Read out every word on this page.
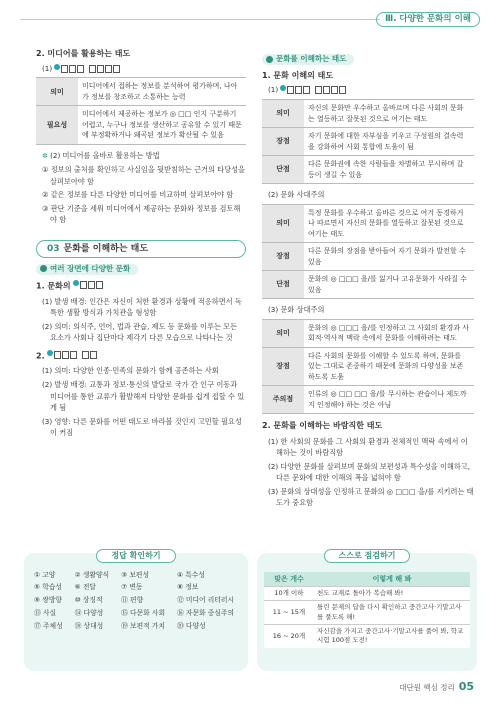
Ⅲ. 다양한 문화의 이해
2. 미디어를 활용하는 태도
(1)
의미	미디어에서 접하는 정보를 분석하여 평가하며, 나아가 정보를 창조하고 소통하는 능력
필요성	미디어에서 제공하는 정보가 ◎ □□ 인지 구분하기 어렵고, 누구나 정보를 생산하고 공유할 수 있기 때문에 부정확하거나 왜곡된 정보가 확산될 수 있음
✲ (2) 미디어를 올바로 활용하는 방법
① 정보의 출처를 확인하고 사실임을 뒷받침하는 근거의 타당성을 살펴보아야 함
② 같은 정보를 다른 다양한 미디어를 비교하며 살펴보아야 함
③ 판단 기준을 세워 미디어에서 제공하는 문화와 정보를 검토해야 함
03 문화를 이해하는 태도
여러 장면에 다양한 문화
1. 문화의
(1) 발생 배경: 인간은 자신이 처한 환경과 상황에 적응하면서 독특한 생활 방식과 가치관을 형성함
(2) 의미: 의식주, 언어, 법과 관습, 제도 등 문화를 이루는 모든 요소가 사회나 집단마다 제각기 다른 모습으로 나타나는 것
2.
(1) 의미: 다양한 인종·민족의 문화가 함께 공존하는 사회
(2) 발생 배경: 교통과 정보·통신의 발달로 국가 간 인구 이동과 미디어를 통한 교류가 활발해져 다양한 문화를 쉽게 접할 수 있게 됨
(3) 영향: 다른 문화를 어떤 태도로 바라볼 것인지 고민할 필요성이 커짐
문화를 이해하는 태도
1. 문화 이해의 태도
(1)
의미	자신의 문화만 우수하고 올바르며 다른 사회의 문화는 열등하고 잘못된 것으로 여기는 태도
장점	자기 문화에 대한 자부심을 키우고 구성원의 결속력을 강화하여 사회 통합에 도움이 됨
단점	다른 문화권에 속한 사람들을 차별하고 무시하며 갈등이 생길 수 있음
(2) 문화 사대주의
의미	특정 문화를 우수하고 올바른 것으로 여겨 동경하거나 따르면서 자신의 문화를 열등하고 잘못된 것으로 여기는 태도
장점	다른 문화의 장점을 받아들여 자기 문화가 발전할 수 있음
단점	문화의 ◎ □□□ 을/를 잃거나 고유문화가 사라질 수 있음
(3) 문화 상대주의
의미	문화의 ◎ □□□ 을/를 인정하고 그 사회의 환경과 사회적·역사적 맥락 속에서 문화를 이해하려는 태도
장점	다른 사회의 문화를 이해할 수 있도록 하며, 문화를 있는 그대로 존중하기 때문에 문화의 다양성을 보존하도록 도움
주의점	인류의 ◎ □□ □□ 을/를 무시하는 관습이나 제도까지 인정해야 하는 것은 아님
2. 문화를 이해하는 바람직한 태도
(1) 한 사회의 문화를 그 사회의 환경과 전체적인 맥락 속에서 이해하는 것이 바람직함
(2) 다양한 문화를 살펴보며 문화의 보편성과 특수성을 이해하고, 다른 문화에 대한 이해의 폭을 넓혀야 함
(3) 문화의 상대성을 인정하고 문화의 ◎ □□□ 을/를 지키려는 태도가 중요함
정답 확인하기
① 고양	② 생활양식	③ 보편성	④ 특수성
⑤ 학습성	⑥ 전달	⑦ 변동	⑧ 정보
⑨ 쌍방향	⑩ 상징적	⑪ 편향	⑫ 미디어 리터러시
⑬ 사실	⑭ 다양성	⑮ 다문화 사회	⑯ 자문화 중심주의
⑰ 주체성	⑱ 상대성	⑲ 보편적 가치	⑳ 다양성
스스로 점검하기
맞은 개수	이렇게 해 봐
10개 이하	천도 교재로 돌아가 복습해 봐!
11 ~ 15개	틀린 문제의 답을 다시 확인하고 중간고사·기말고사를 풀도록 해!
16 ~ 20개	자신감을 가지고 중간고사·기말고사를 풀어 봐, 학교 시험 100점 도전!
대단원 핵심 정리 05
